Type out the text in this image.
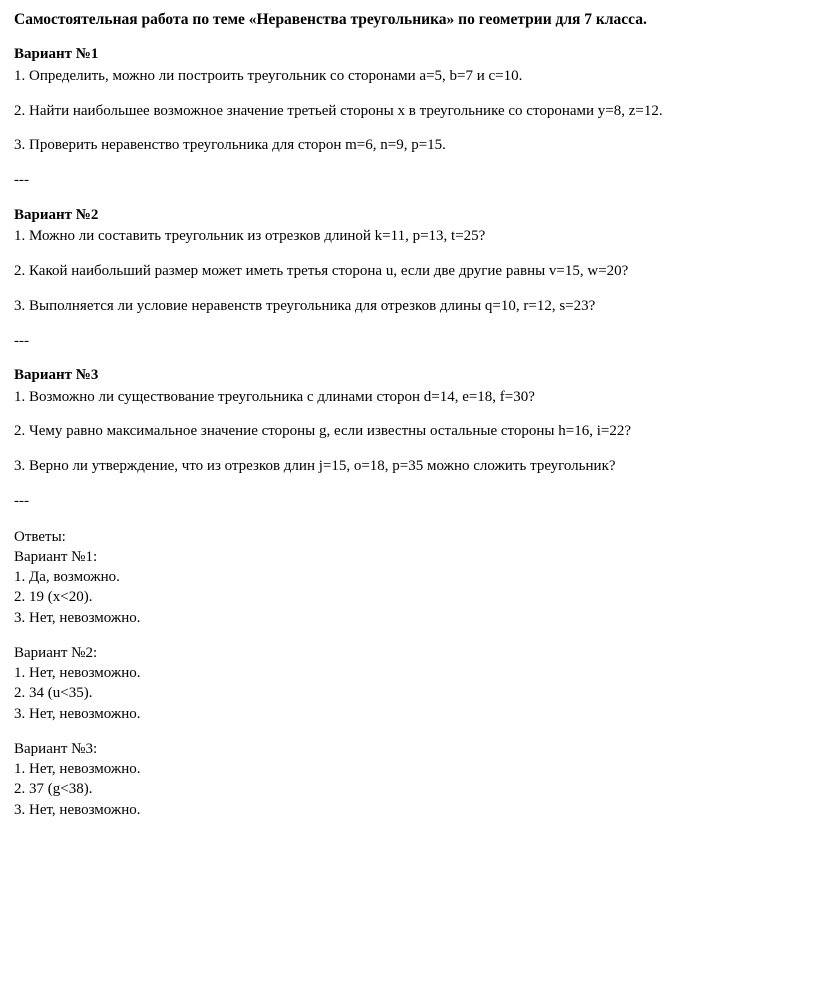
Самостоятельная работа по теме «Неравенства треугольника» по геометрии для 7 класса.

Вариант №1

1. Определить, можно ли построить треугольник со сторонами a=5, b=7 и c=10.

2. Найти наибольшее возможное значение третьей стороны x в треугольнике со сторонами y=8, z=12.

3. Проверить неравенство треугольника для сторон m=6, n=9, p=15.

---

Вариант №2

1. Можно ли составить треугольник из отрезков длиной k=11, p=13, t=25?

2. Какой наибольший размер может иметь третья сторона u, если две другие равны v=15, w=20?

3. Выполняется ли условие неравенств треугольника для отрезков длины q=10, r=12, s=23?

---

Вариант №3

1. Возможно ли существование треугольника с длинами сторон d=14, e=18, f=30?

2. Чему равно максимальное значение стороны g, если известны остальные стороны h=16, i=22?

3. Верно ли утверждение, что из отрезков длин j=15, o=18, p=35 можно сложить треугольник?

---

Ответы:

Вариант №1:

1. Да, возможно.

2. 19 (x<20).

3. Нет, невозможно.

Вариант №2:

1. Нет, невозможно.

2. 34 (u<35).

3. Нет, невозможно.

Вариант №3:

1. Нет, невозможно.

2. 37 (g<38).

3. Нет, невозможно.
